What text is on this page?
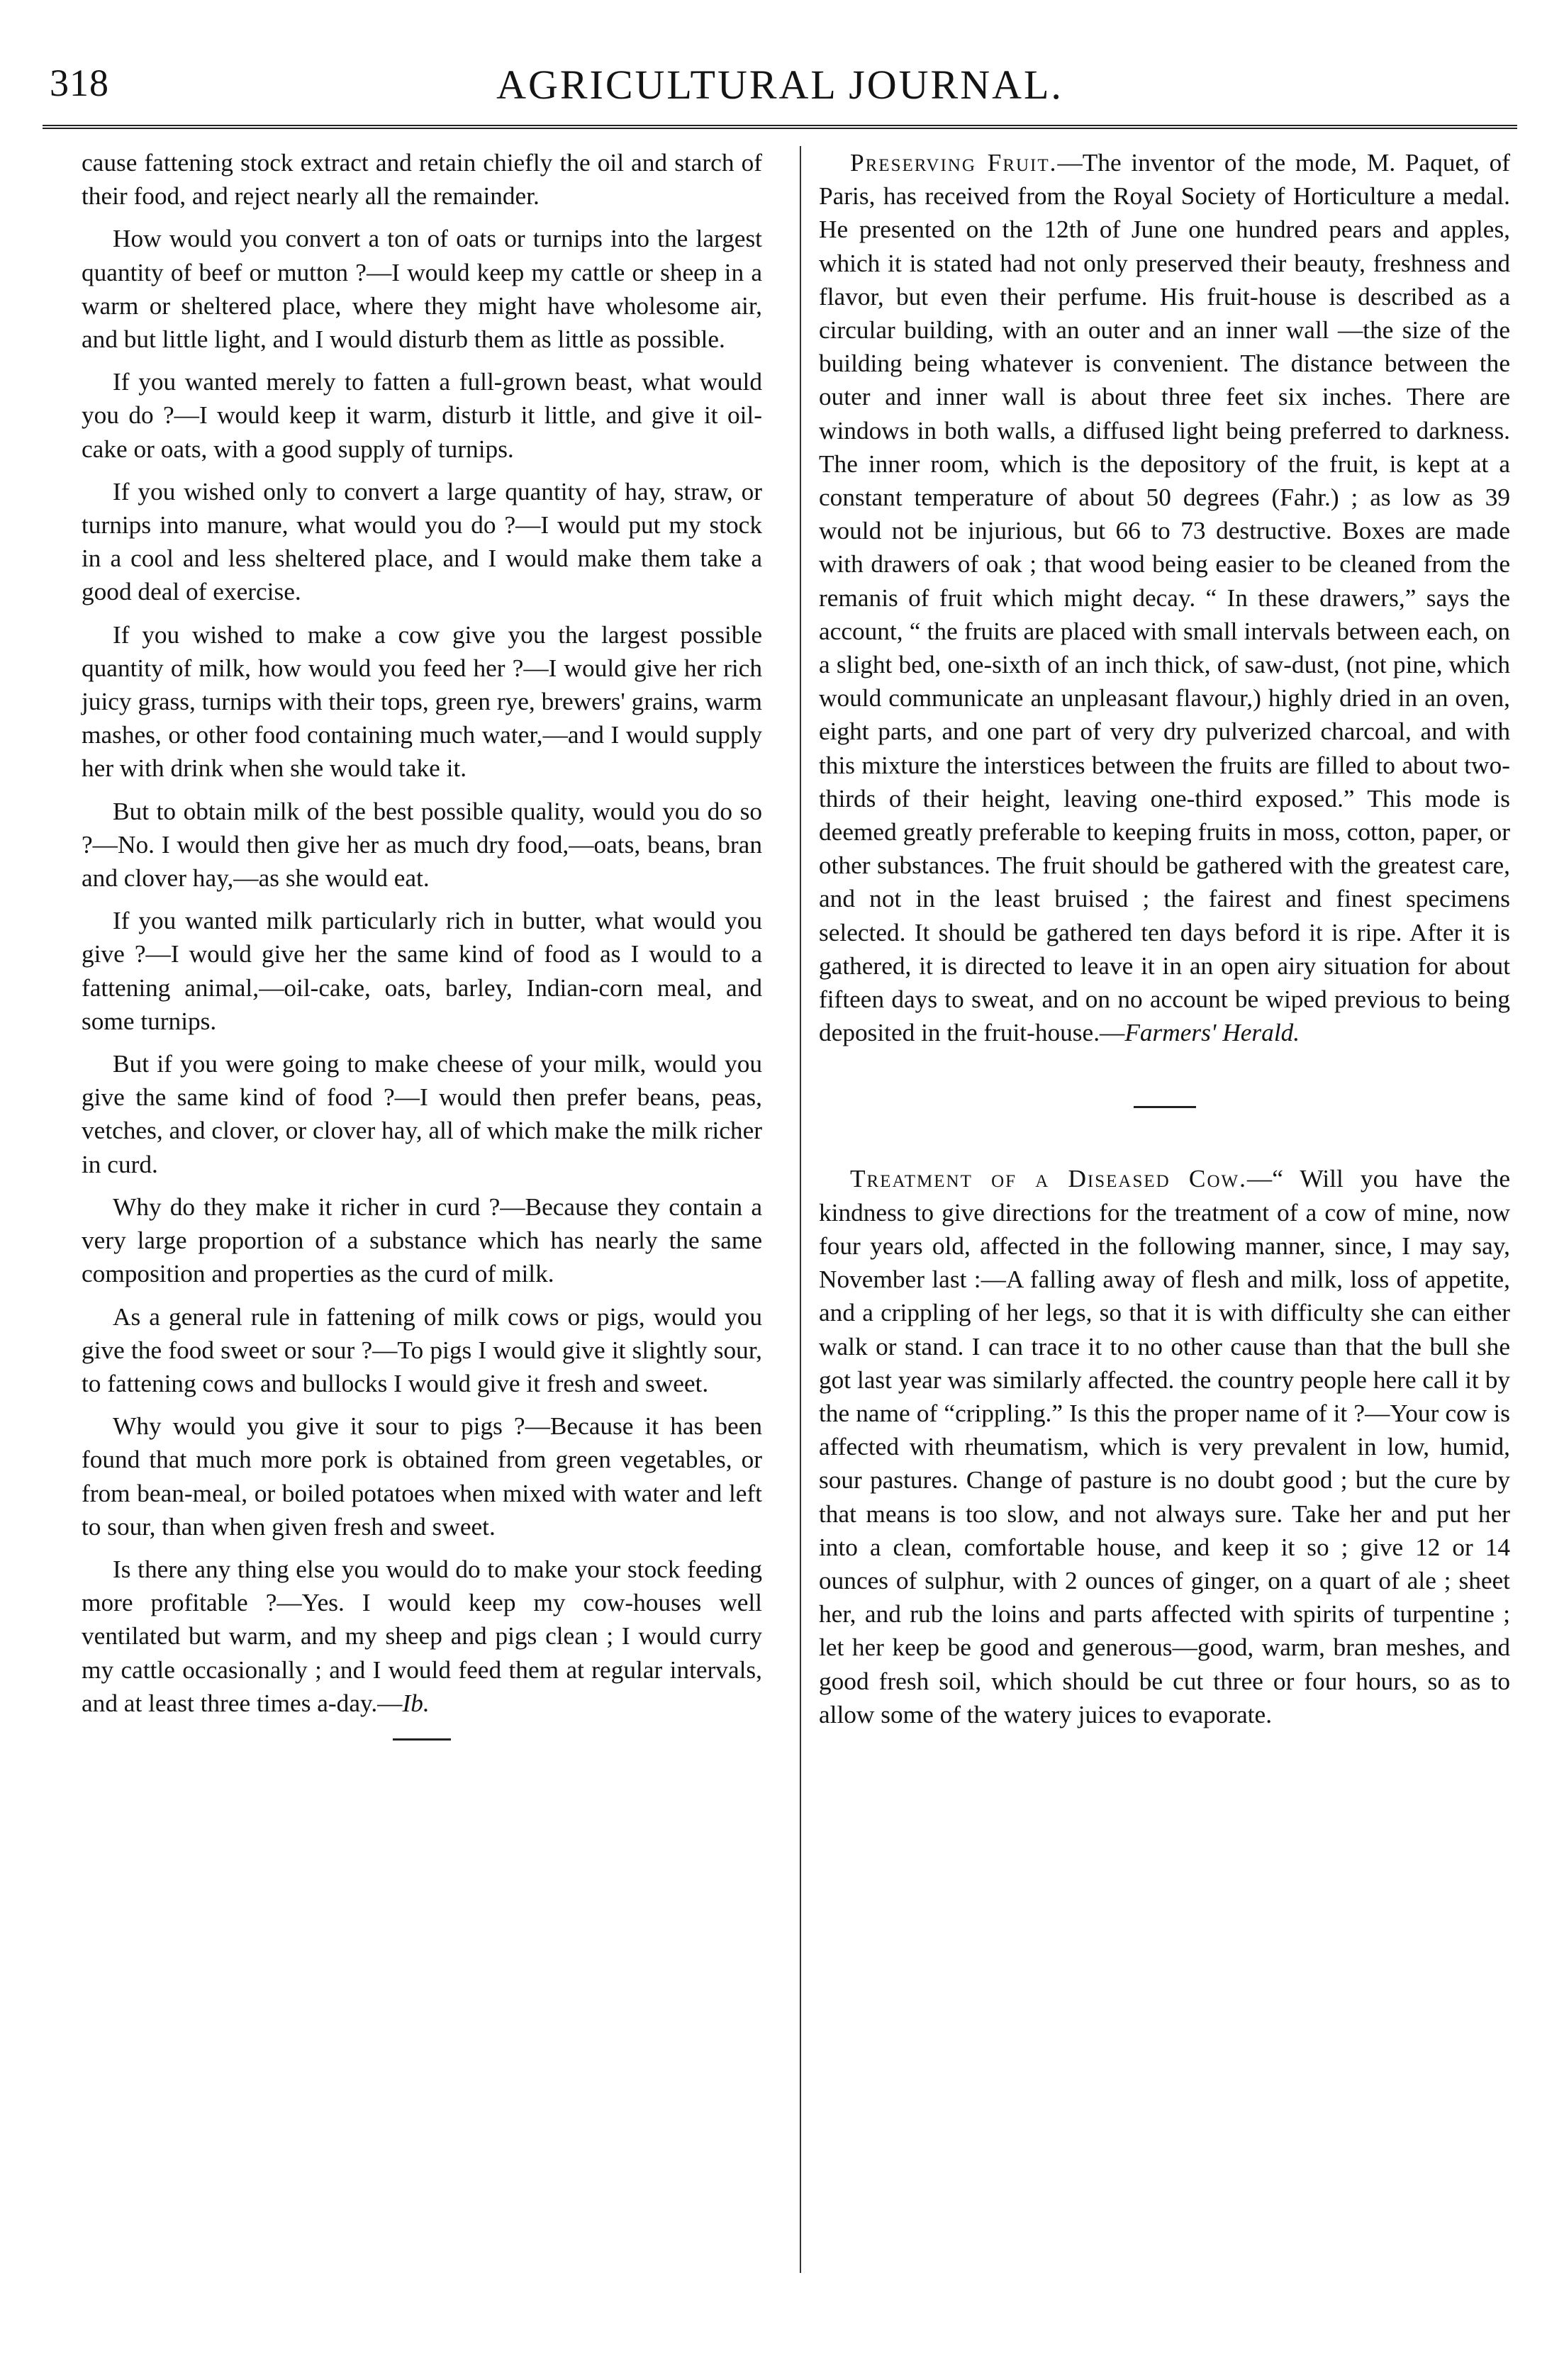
318	AGRICULTURAL JOURNAL.

cause fattening stock extract and retain chiefly the oil and starch of their food, and reject nearly all the remainder.

How would you convert a ton of oats or turnips into the largest quantity of beef or mutton ?—I would keep my cattle or sheep in a warm or sheltered place, where they might have wholesome air, and but little light, and I would disturb them as little as possible.

If you wanted merely to fatten a full-grown beast, what would you do ?—I would keep it warm, disturb it little, and give it oil-cake or oats, with a good supply of turnips.

If you wished only to convert a large quantity of hay, straw, or turnips into manure, what would you do ?—I would put my stock in a cool and less sheltered place, and I would make them take a good deal of exercise.

If you wished to make a cow give you the largest possible quantity of milk, how would you feed her ?—I would give her rich juicy grass, turnips with their tops, green rye, brewers' grains, warm mashes, or other food containing much water,—and I would supply her with drink when she would take it.

But to obtain milk of the best possible quality, would you do so ?—No. I would then give her as much dry food,—oats, beans, bran and clover hay,—as she would eat.

If you wanted milk particularly rich in butter, what would you give ?—I would give her the same kind of food as I would to a fattening animal,—oil-cake, oats, barley, Indian-corn meal, and some turnips.

But if you were going to make cheese of your milk, would you give the same kind of food ?—I would then prefer beans, peas, vetches, and clover, or clover hay, all of which make the milk richer in curd.

Why do they make it richer in curd ?—Because they contain a very large proportion of a substance which has nearly the same composition and properties as the curd of milk.

As a general rule in fattening of milk cows or pigs, would you give the food sweet or sour ?—To pigs I would give it slightly sour, to fattening cows and bullocks I would give it fresh and sweet.

Why would you give it sour to pigs ?—Because it has been found that much more pork is obtained from green vegetables, or from bean-meal, or boiled potatoes when mixed with water and left to sour, than when given fresh and sweet.

Is there any thing else you would do to make your stock feeding more profitable ?—Yes. I would keep my cow-houses well ventilated but warm, and my sheep and pigs clean ; I would curry my cattle occasionally ; and I would feed them at regular intervals, and at least three times a-day.—Ib.

Preserving Fruit.—The inventor of the mode, M. Paquet, of Paris, has received from the Royal Society of Horticulture a medal. He presented on the 12th of June one hundred pears and apples, which it is stated had not only preserved their beauty, freshness and flavor, but even their perfume. His fruit-house is described as a circular building, with an outer and an inner wall —the size of the building being whatever is convenient. The distance between the outer and inner wall is about three feet six inches. There are windows in both walls, a diffused light being preferred to darkness. The inner room, which is the depository of the fruit, is kept at a constant temperature of about 50 degrees (Fahr.) ; as low as 39 would not be injurious, but 66 to 73 destructive. Boxes are made with drawers of oak ; that wood being easier to be cleaned from the remanis of fruit which might decay. “ In these drawers,” says the account, “ the fruits are placed with small intervals between each, on a slight bed, one-sixth of an inch thick, of saw-dust, (not pine, which would communicate an unpleasant flavour,) highly dried in an oven, eight parts, and one part of very dry pulverized charcoal, and with this mixture the interstices between the fruits are filled to about two-thirds of their height, leaving one-third exposed.” This mode is deemed greatly preferable to keeping fruits in moss, cotton, paper, or other substances. The fruit should be gathered with the greatest care, and not in the least bruised ; the fairest and finest specimens selected. It should be gathered ten days beford it is ripe. After it is gathered, it is directed to leave it in an open airy situation for about fifteen days to sweat, and on no account be wiped previous to being deposited in the fruit-house.—Farmers' Herald.

Treatment of a Diseased Cow.—“ Will you have the kindness to give directions for the treatment of a cow of mine, now four years old, affected in the following manner, since, I may say, November last :—A falling away of flesh and milk, loss of appetite, and a crippling of her legs, so that it is with difficulty she can either walk or stand. I can trace it to no other cause than that the bull she got last year was similarly affected. the country people here call it by the name of “crippling.” Is this the proper name of it ?—Your cow is affected with rheumatism, which is very prevalent in low, humid, sour pastures. Change of pasture is no doubt good ; but the cure by that means is too slow, and not always sure. Take her and put her into a clean, comfortable house, and keep it so ; give 12 or 14 ounces of sulphur, with 2 ounces of ginger, on a quart of ale ; sheet her, and rub the loins and parts affected with spirits of turpentine ; let her keep be good and generous—good, warm, bran meshes, and good fresh soil, which should be cut three or four hours, so as to allow some of the watery juices to evaporate.
